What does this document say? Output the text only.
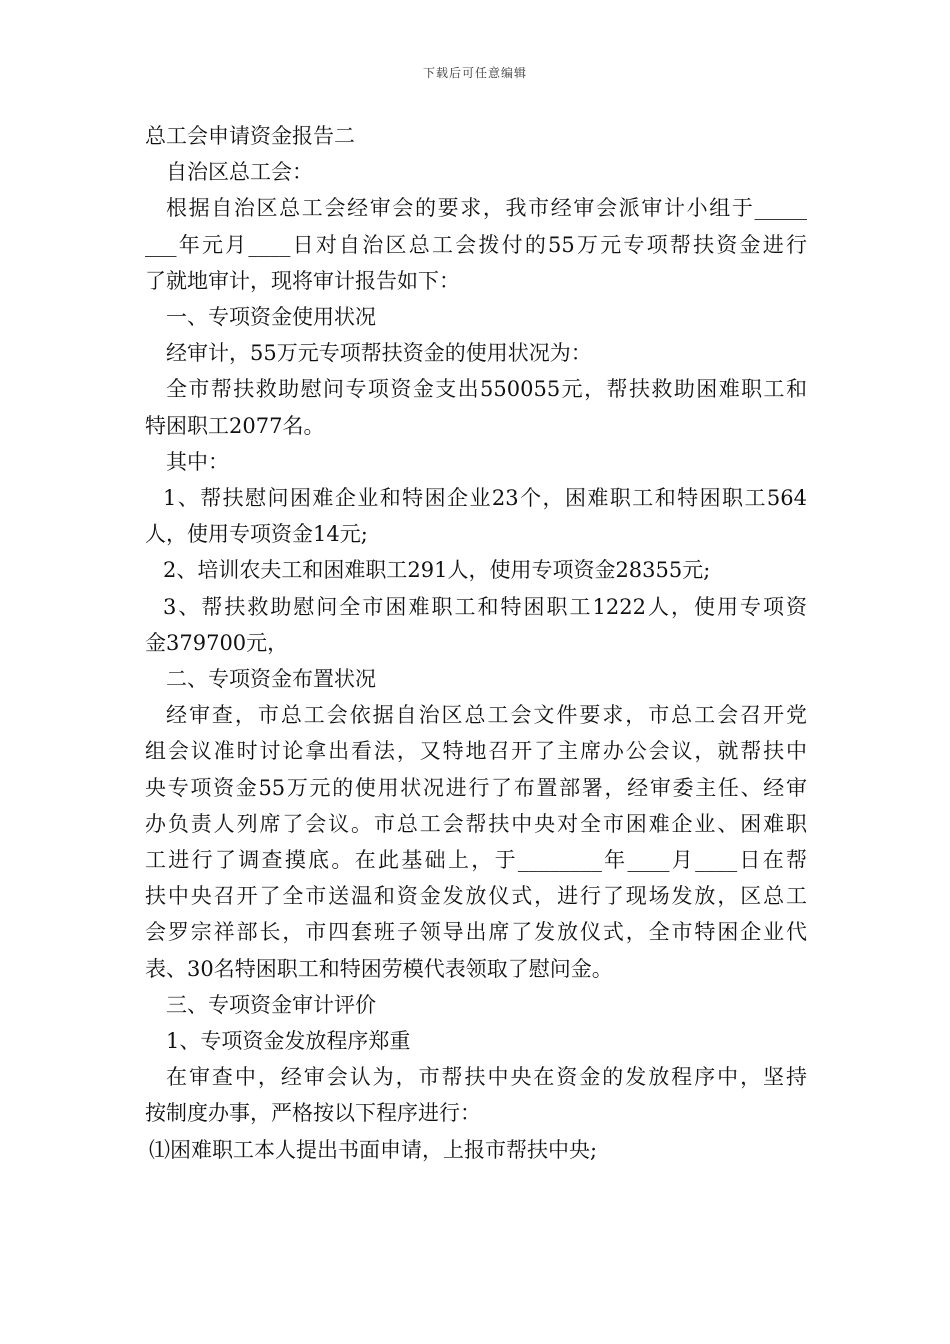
下载后可任意编辑

总工会申请资金报告二

自治区总工会：

根据自治区总工会经审会的要求，我市经审会派审计小组于_____

___年元月____日对自治区总工会拨付的55万元专项帮扶资金进行

了就地审计，现将审计报告如下：

一、专项资金使用状况

经审计，55万元专项帮扶资金的使用状况为：

全市帮扶救助慰问专项资金支出550055元，帮扶救助困难职工和

特困职工2077名。

其中：

1、帮扶慰问困难企业和特困企业23个，困难职工和特困职工564

人，使用专项资金14元;

2、培训农夫工和困难职工291人，使用专项资金28355元;

3、帮扶救助慰问全市困难职工和特困职工1222人，使用专项资

金379700元，

二、专项资金布置状况

经审查，市总工会依据自治区总工会文件要求，市总工会召开党

组会议准时讨论拿出看法，又特地召开了主席办公会议，就帮扶中

央专项资金55万元的使用状况进行了布置部署，经审委主任、经审

办负责人列席了会议。市总工会帮扶中央对全市困难企业、困难职

工进行了调查摸底。在此基础上，于________年____月____日在帮

扶中央召开了全市送温和资金发放仪式，进行了现场发放，区总工

会罗宗祥部长，市四套班子领导出席了发放仪式，全市特困企业代

表、30名特困职工和特困劳模代表领取了慰问金。

三、专项资金审计评价

1、专项资金发放程序郑重

在审查中，经审会认为，市帮扶中央在资金的发放程序中，坚持

按制度办事，严格按以下程序进行：

⑴困难职工本人提出书面申请，上报市帮扶中央;
